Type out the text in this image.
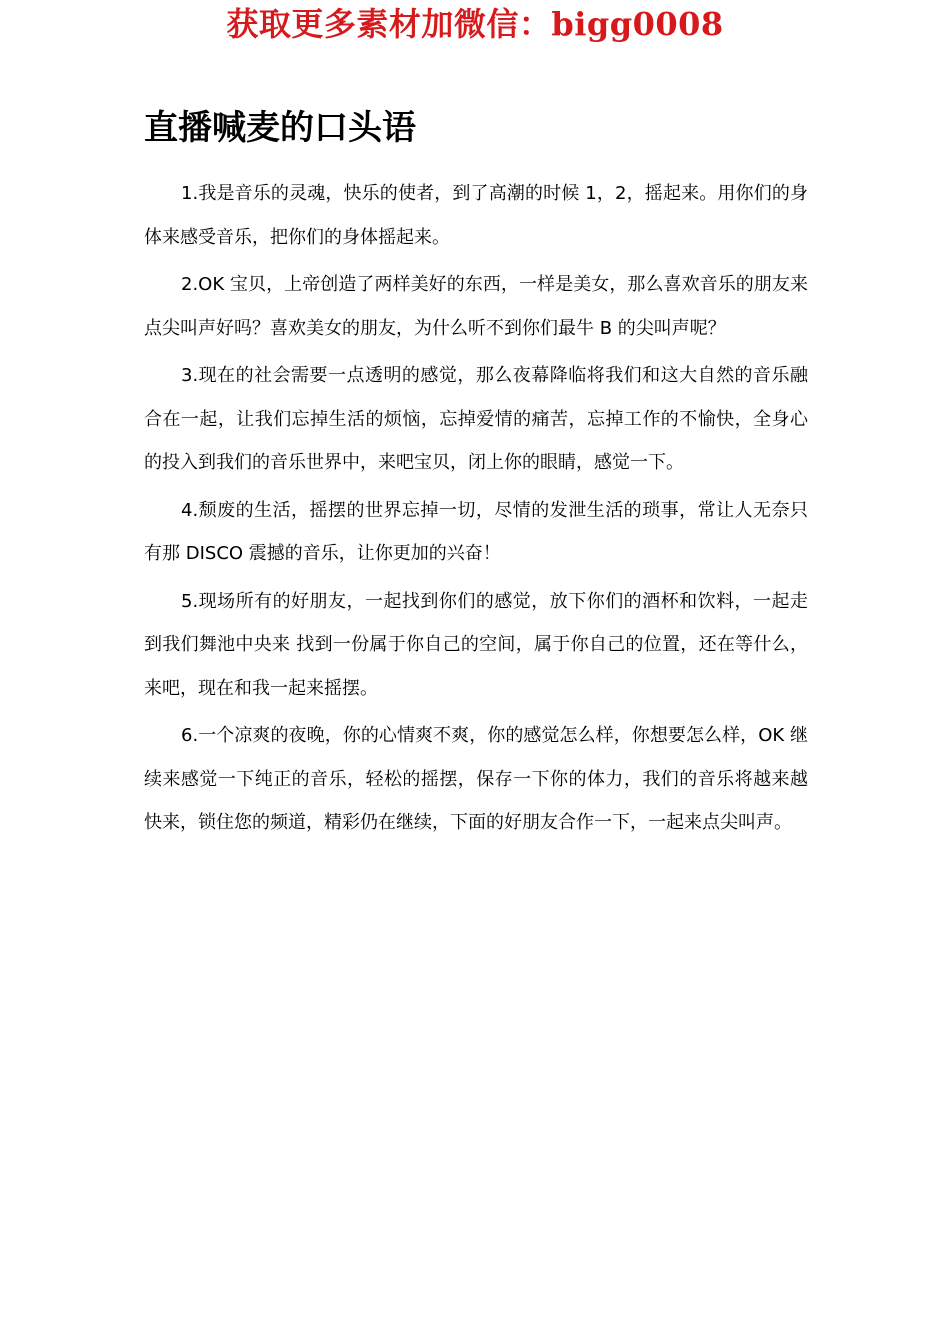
获取更多素材加微信：bigg0008
直播喊麦的口头语

1.我是音乐的灵魂，快乐的使者，到了高潮的时候 1，2，摇起来。用你们的身体来感受音乐，把你们的身体摇起来。

2.OK 宝贝，上帝创造了两样美好的东西，一样是美女，那么喜欢音乐的朋友来点尖叫声好吗？喜欢美女的朋友，为什么听不到你们最牛 B 的尖叫声呢？

3.现在的社会需要一点透明的感觉，那么夜幕降临将我们和这大自然的音乐融合在一起，让我们忘掉生活的烦恼，忘掉爱情的痛苦，忘掉工作的不愉快，全身心的投入到我们的音乐世界中，来吧宝贝，闭上你的眼睛，感觉一下。

4.颓废的生活，摇摆的世界忘掉一切，尽情的发泄生活的琐事，常让人无奈只有那 DISCO 震撼的音乐，让你更加的兴奋！

5.现场所有的好朋友，一起找到你们的感觉，放下你们的酒杯和饮料，一起走到我们舞池中央来 找到一份属于你自己的空间，属于你自己的位置，还在等什么，来吧，现在和我一起来摇摆。

6.一个凉爽的夜晚，你的心情爽不爽，你的感觉怎么样，你想要怎么样，OK 继续来感觉一下纯正的音乐，轻松的摇摆，保存一下你的体力，我们的音乐将越来越快来，锁住您的频道，精彩仍在继续，下面的好朋友合作一下，一起来点尖叫声。
